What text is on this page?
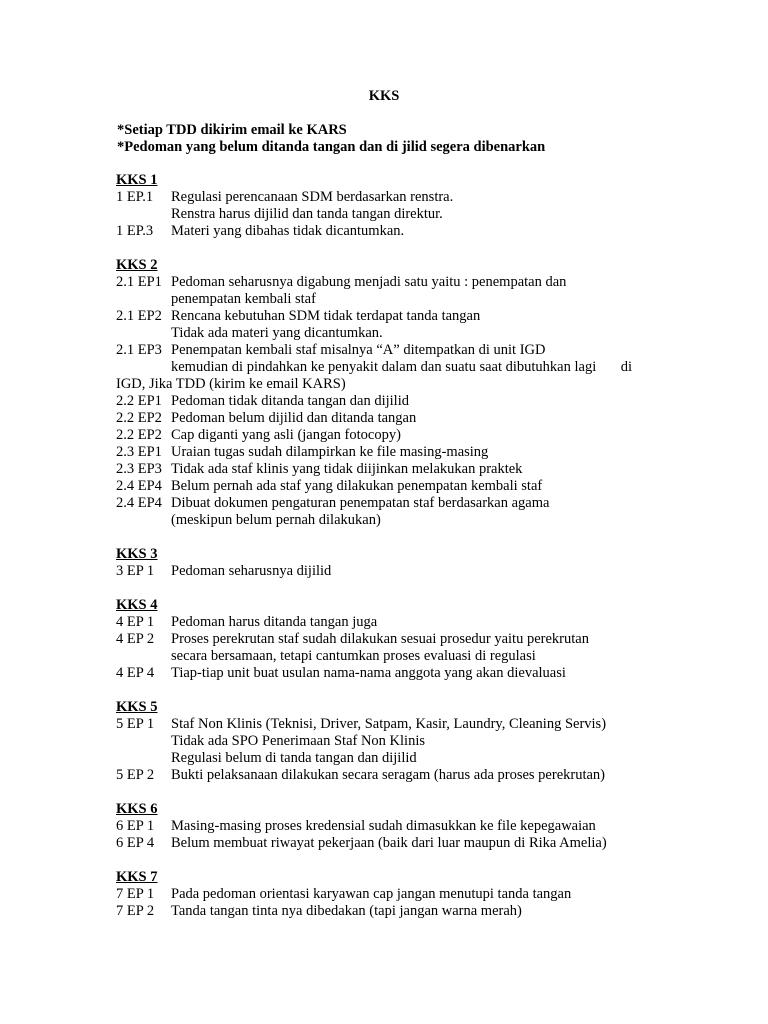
KKS
*Setiap TDD dikirim email ke KARS
*Pedoman yang belum ditanda tangan dan di jilid segera dibenarkan
KKS 1
1 EP.1	Regulasi perencanaan SDM berdasarkan renstra.
Renstra harus dijilid dan tanda tangan direktur.
1 EP.3	Materi yang dibahas tidak dicantumkan.
KKS 2
2.1 EP1 Pedoman seharusnya digabung menjadi satu yaitu : penempatan dan
penempatan kembali staf
2.1 EP2 Rencana kebutuhan SDM tidak terdapat tanda tangan
Tidak ada materi yang dicantumkan.
2.1 EP3 Penempatan kembali staf misalnya “A” ditempatkan di unit IGD
kemudian di pindahkan ke penyakit dalam dan suatu saat dibutuhkan lagi di
IGD, Jika TDD (kirim ke email KARS)
2.2 EP1 Pedoman tidak ditanda tangan dan dijilid
2.2 EP2 Pedoman belum dijilid dan ditanda tangan
2.2 EP2 Cap diganti yang asli (jangan fotocopy)
2.3 EP1 Uraian tugas sudah dilampirkan ke file masing-masing
2.3 EP3 Tidak ada staf klinis yang tidak diijinkan melakukan praktek
2.4 EP4 Belum pernah ada staf yang dilakukan penempatan kembali staf
2.4 EP4 Dibuat dokumen pengaturan penempatan staf berdasarkan agama
(meskipun belum pernah dilakukan)
KKS 3
3 EP 1	Pedoman seharusnya dijilid
KKS 4
4 EP 1	Pedoman harus ditanda tangan juga
4 EP 2	Proses perekrutan staf sudah dilakukan sesuai prosedur yaitu perekrutan
secara bersamaan, tetapi cantumkan proses evaluasi di regulasi
4 EP 4	Tiap-tiap unit buat usulan nama-nama anggota yang akan dievaluasi
KKS 5
5 EP 1	Staf Non Klinis (Teknisi, Driver, Satpam, Kasir, Laundry, Cleaning Servis)
Tidak ada SPO Penerimaan Staf Non Klinis
Regulasi belum di tanda tangan dan dijilid
5 EP 2	Bukti pelaksanaan dilakukan secara seragam (harus ada proses perekrutan)
KKS 6
6 EP 1	Masing-masing proses kredensial sudah dimasukkan ke file kepegawaian
6 EP 4	Belum membuat riwayat pekerjaan (baik dari luar maupun di Rika Amelia)
KKS 7
7 EP 1	Pada pedoman orientasi karyawan cap jangan menutupi tanda tangan
7 EP 2	Tanda tangan tinta nya dibedakan (tapi jangan warna merah)
